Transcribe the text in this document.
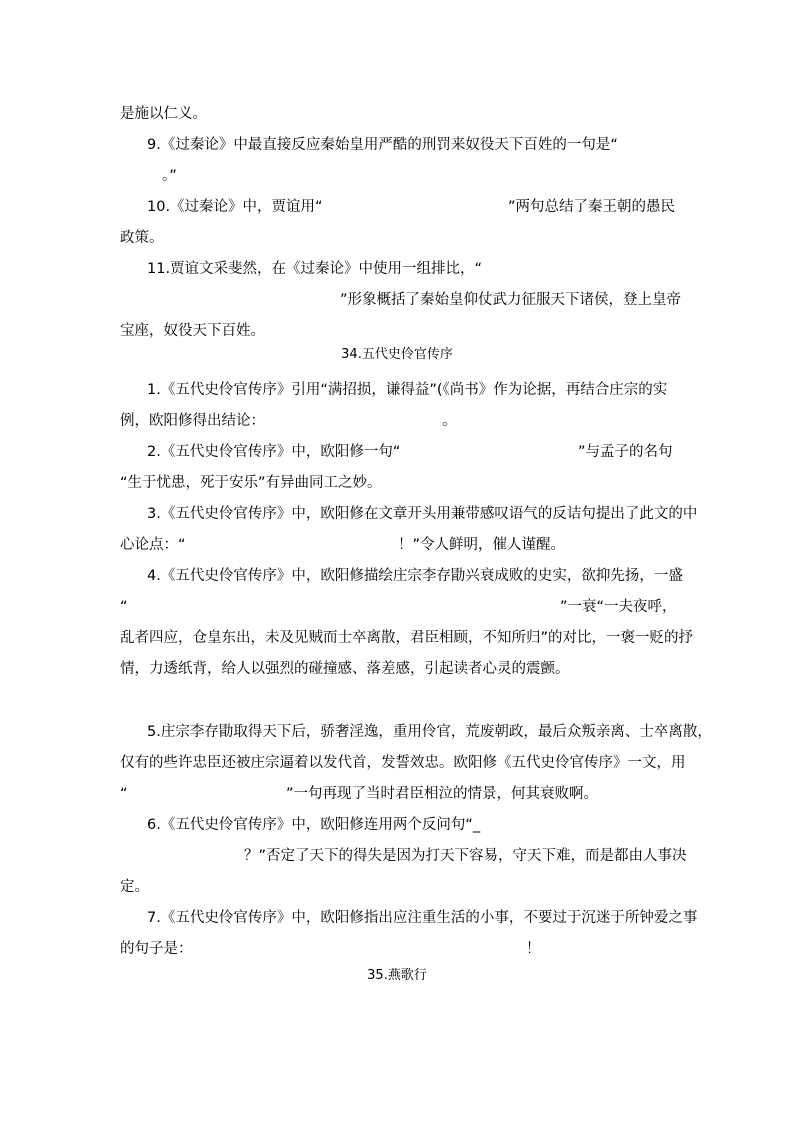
是施以仁义。
9.《过秦论》中最直接反应秦始皇用严酷的刑罚来奴役天下百姓的一句是“
。”
10.《过秦论》中，贾谊用“	”两句总结了秦王朝的愚民
政策。
11.贾谊文采斐然，在《过秦论》中使用一组排比，“
”形象概括了秦始皇仰仗武力征服天下诸侯，登上皇帝
宝座，奴役天下百姓。
34.五代史伶官传序
1.《五代史伶官传序》引用“满招损，谦得益”(《尚书》作为论据，再结合庄宗的实
例，欧阳修得出结论：	。
2.《五代史伶官传序》中，欧阳修一句“	”与孟子的名句
“生于忧患，死于安乐”有异曲同工之妙。
3.《五代史伶官传序》中，欧阳修在文章开头用兼带感叹语气的反诘句提出了此文的中
心论点：“	！”令人鲜明，催人谨醒。
4.《五代史伶官传序》中，欧阳修描绘庄宗李存勖兴衰成败的史实，欲抑先扬，一盛
“	”一衰“一夫夜呼，
乱者四应，仓皇东出，未及见贼而士卒离散，君臣相顾，不知所归”的对比，一褒一贬的抒
情，力透纸背，给人以强烈的碰撞感、落差感，引起读者心灵的震颤。
5.庄宗李存勖取得天下后，骄奢淫逸，重用伶官，荒废朝政，最后众叛亲离、士卒离散，
仅有的些许忠臣还被庄宗逼着以发代首，发誓效忠。欧阳修《五代史伶官传序》一文，用
“	”一句再现了当时君臣相泣的情景，何其衰败啊。
6.《五代史伶官传序》中，欧阳修连用两个反问句“_
？”否定了天下的得失是因为打天下容易，守天下难，而是都由人事决
定。
7.《五代史伶官传序》中，欧阳修指出应注重生活的小事，不要过于沉迷于所钟爱之事
的句子是：	！
35.燕歌行
